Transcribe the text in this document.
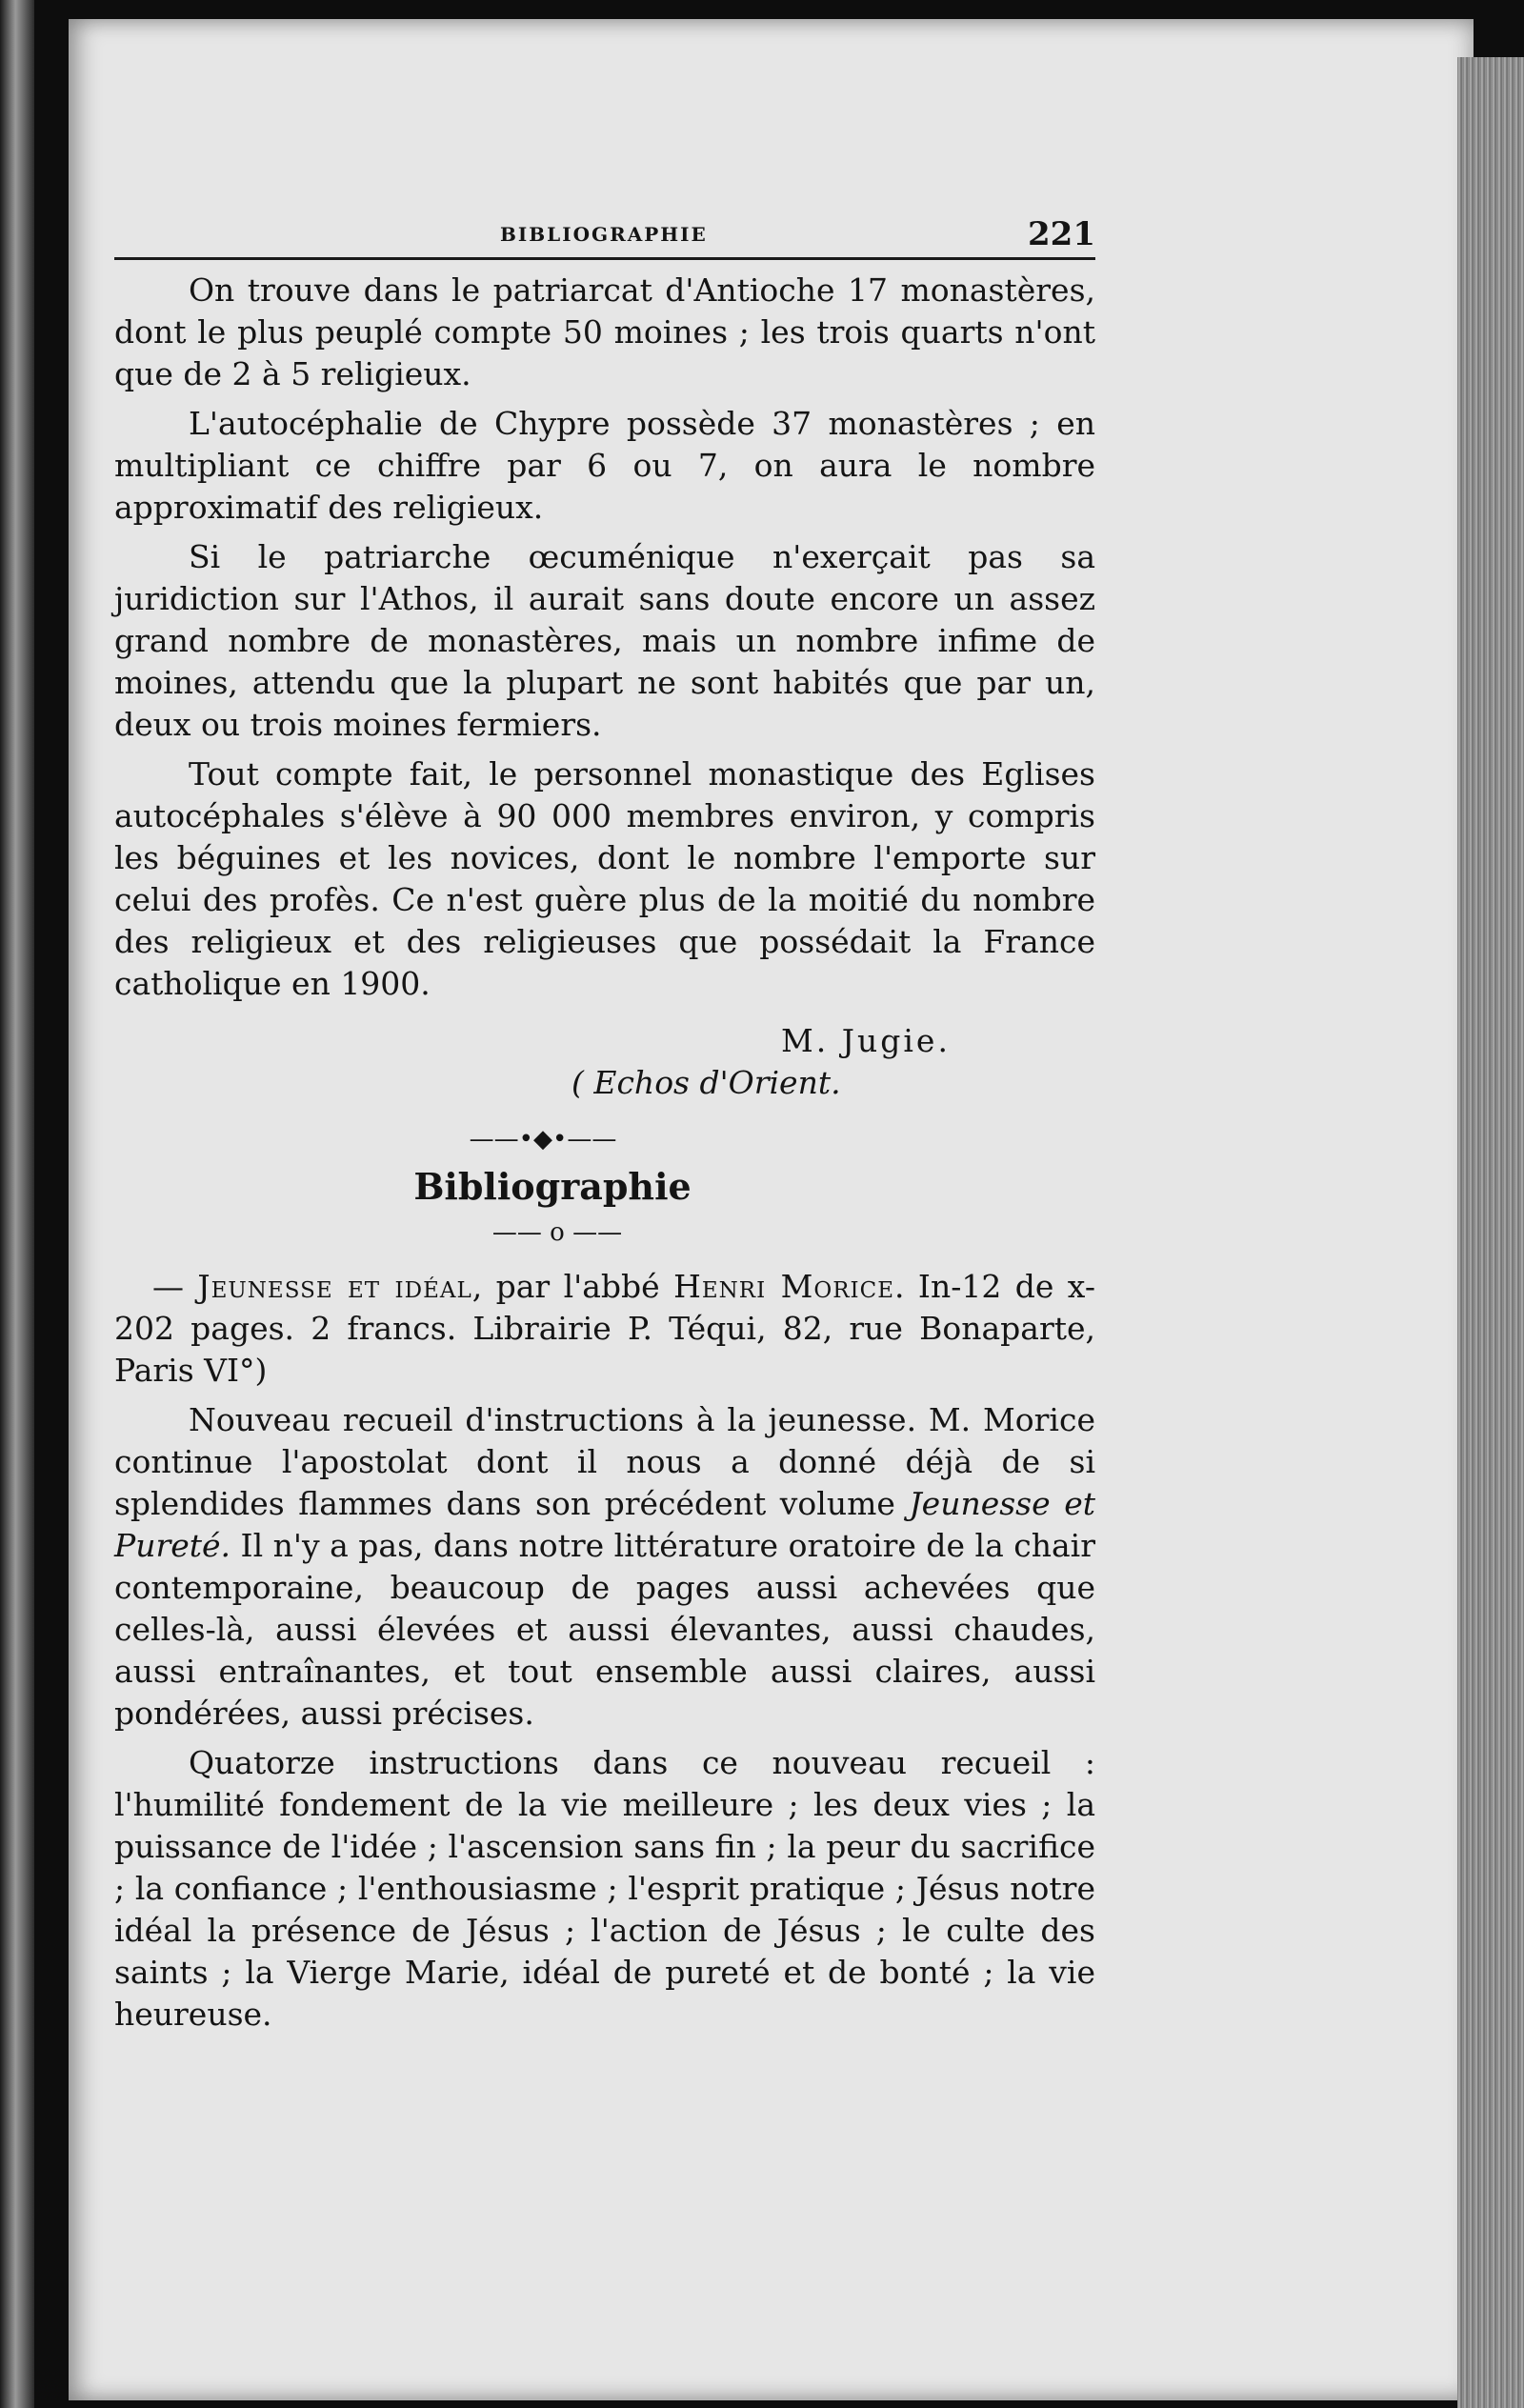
BIBLIOGRAPHIE	221

On trouve dans le patriarcat d'Antioche 17 monastères, dont le plus peuplé compte 50 moines ; les trois quarts n'ont que de 2 à 5 religieux.

L'autocéphalie de Chypre possède 37 monastères ; en multipliant ce chiffre par 6 ou 7, on aura le nombre approximatif des religieux.

Si le patriarche œcuménique n'exerçait pas sa juridiction sur l'Athos, il aurait sans doute encore un assez grand nombre de monastères, mais un nombre infime de moines, attendu que la plupart ne sont habités que par un, deux ou trois moines fermiers.

Tout compte fait, le personnel monastique des Eglises autocéphales s'élève à 90 000 membres environ, y compris les béguines et les novices, dont le nombre l'emporte sur celui des profès. Ce n'est guère plus de la moitié du nombre des religieux et des religieuses que possédait la France catholique en 1900.

M. Jugie.
( Echos d'Orient.
——•◆•——
Bibliographie
—— o ——

— Jeunesse et idéal, par l'abbé Henri Morice. In-12 de x-202 pages. 2 francs. Librairie P. Téqui, 82, rue Bonaparte, Paris VI°)

Nouveau recueil d'instructions à la jeunesse. M. Morice continue l'apostolat dont il nous a donné déjà de si splendides flammes dans son précédent volume Jeunesse et Pureté. Il n'y a pas, dans notre littérature oratoire de la chair contemporaine, beaucoup de pages aussi achevées que celles-là, aussi élevées et aussi élevantes, aussi chaudes, aussi entraînantes, et tout ensemble aussi claires, aussi pondérées, aussi précises.

Quatorze instructions dans ce nouveau recueil : l'humilité fondement de la vie meilleure ; les deux vies ; la puissance de l'idée ; l'ascension sans fin ; la peur du sacrifice ; la confiance ; l'enthousiasme ; l'esprit pratique ; Jésus notre idéal la présence de Jésus ; l'action de Jésus ; le culte des saints ; la Vierge Marie, idéal de pureté et de bonté ; la vie heureuse.
